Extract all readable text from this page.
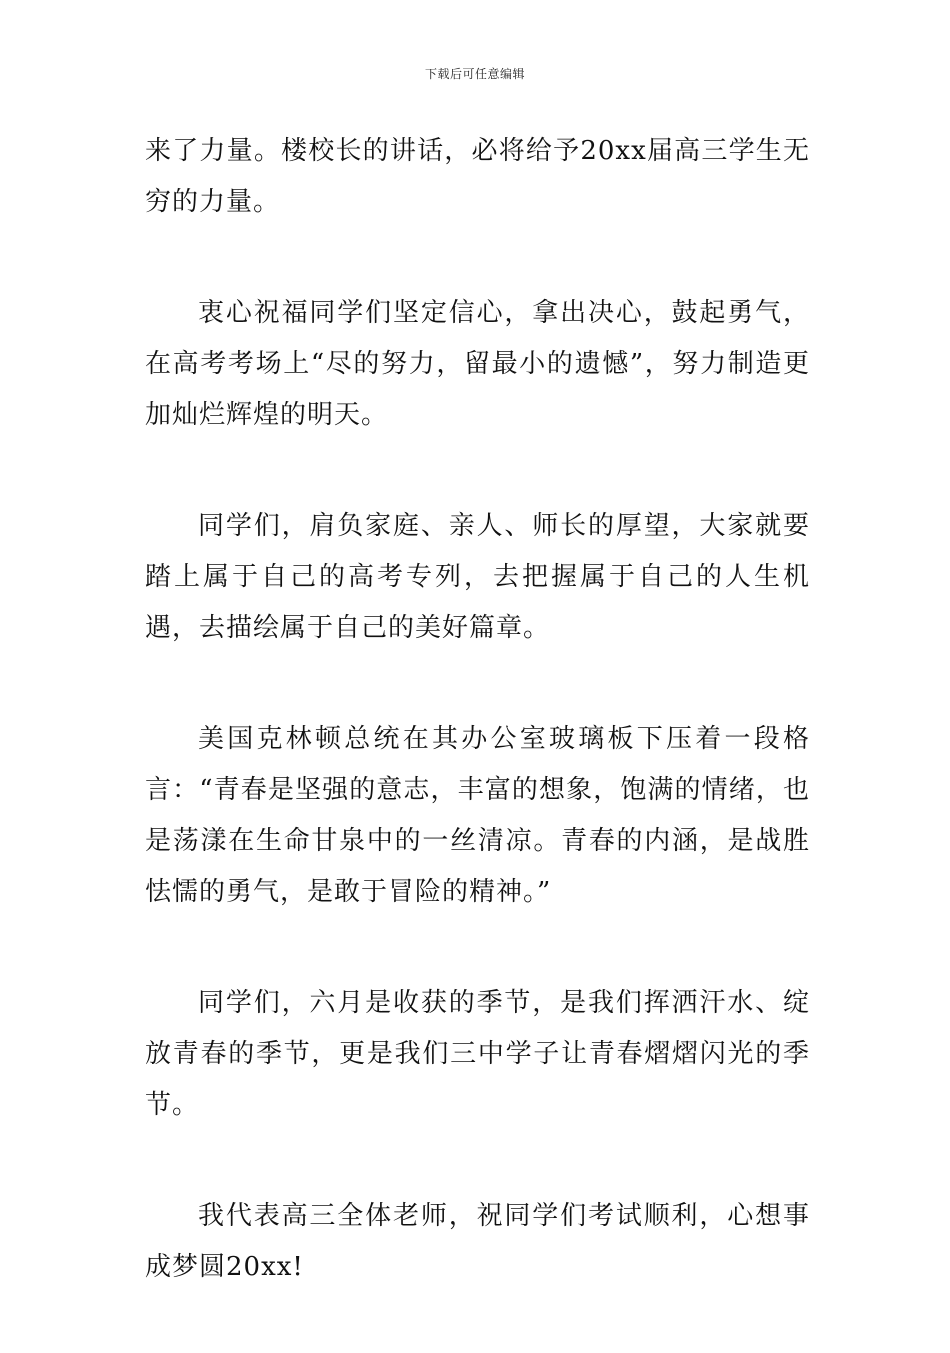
下载后可任意编辑

来了力量。楼校长的讲话，必将给予20xx届高三学生无穷的力量。

衷心祝福同学们坚定信心，拿出决心，鼓起勇气，在高考考场上“尽的努力，留最小的遗憾”，努力制造更加灿烂辉煌的明天。

同学们，肩负家庭、亲人、师长的厚望，大家就要踏上属于自己的高考专列，去把握属于自己的人生机遇，去描绘属于自己的美好篇章。

美国克林顿总统在其办公室玻璃板下压着一段格言：“青春是坚强的意志，丰富的想象，饱满的情绪，也是荡漾在生命甘泉中的一丝清凉。青春的内涵，是战胜怯懦的勇气，是敢于冒险的精神。”

同学们，六月是收获的季节，是我们挥洒汗水、绽放青春的季节，更是我们三中学子让青春熠熠闪光的季节。

我代表高三全体老师，祝同学们考试顺利，心想事成梦圆20xx!
